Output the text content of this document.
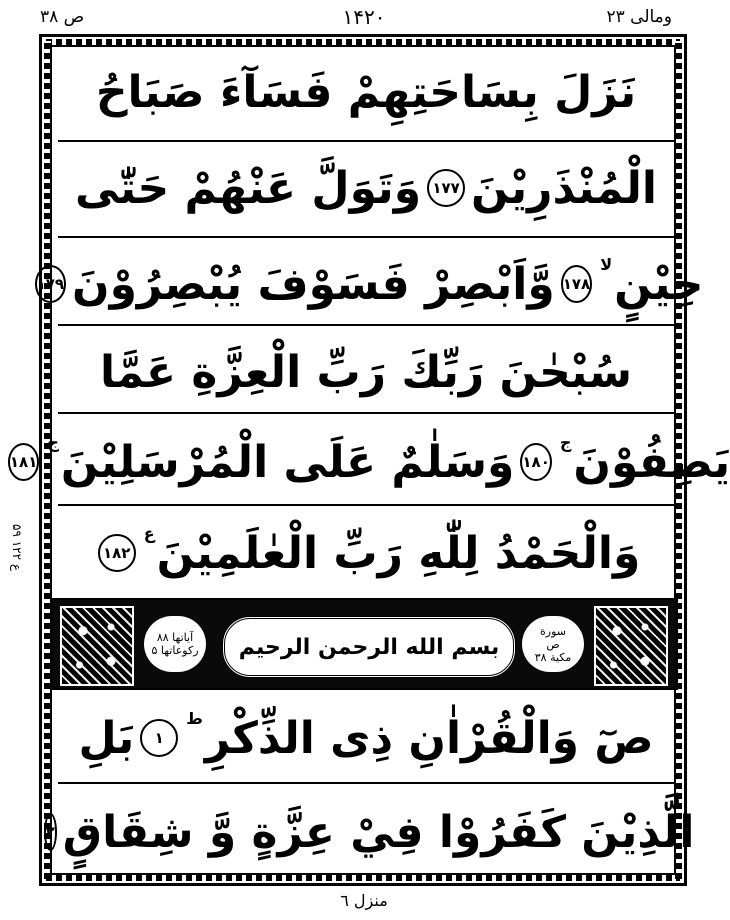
ص ۳۸	۱۴۲۰	ومالی ۲۳
نَزَلَ بِسَاحَتِهِمْ فَسَآءَ صَبَاحُ
الْمُنْذَرِيْنَ
۱۷۷
وَتَوَلَّ عَنْهُمْ حَتّٰى
حِيْنٍ
لا
۱۷۸
وَّاَبْصِرْ فَسَوْفَ يُبْصِرُوْنَ
۱۷۹
سُبْحٰنَ رَبِّكَ رَبِّ الْعِزَّةِ عَمَّا
يَصِفُوْنَ
ج
۱۸۰
وَسَلٰمٌ عَلَى الْمُرْسَلِيْنَ
ج
۱۸۱
وَالْحَمْدُ لِلّٰهِ رَبِّ الْعٰلَمِيْنَ
ع
۱۸۲
آیاتها ۸۸
رکوعاتها ۵ بسم الله الرحمن الرحيم
سورة
ص
مکیة ۳۸
صٓ وَالْقُرْاٰنِ ذِى الذِّكْرِ
ط
۱
بَلِ
الَّذِيْنَ كَفَرُوْا فِيْ عِزَّةٍ وَّ شِقَاقٍ
۲
۵ع ۱۲۲ ۹
منزل ٦
